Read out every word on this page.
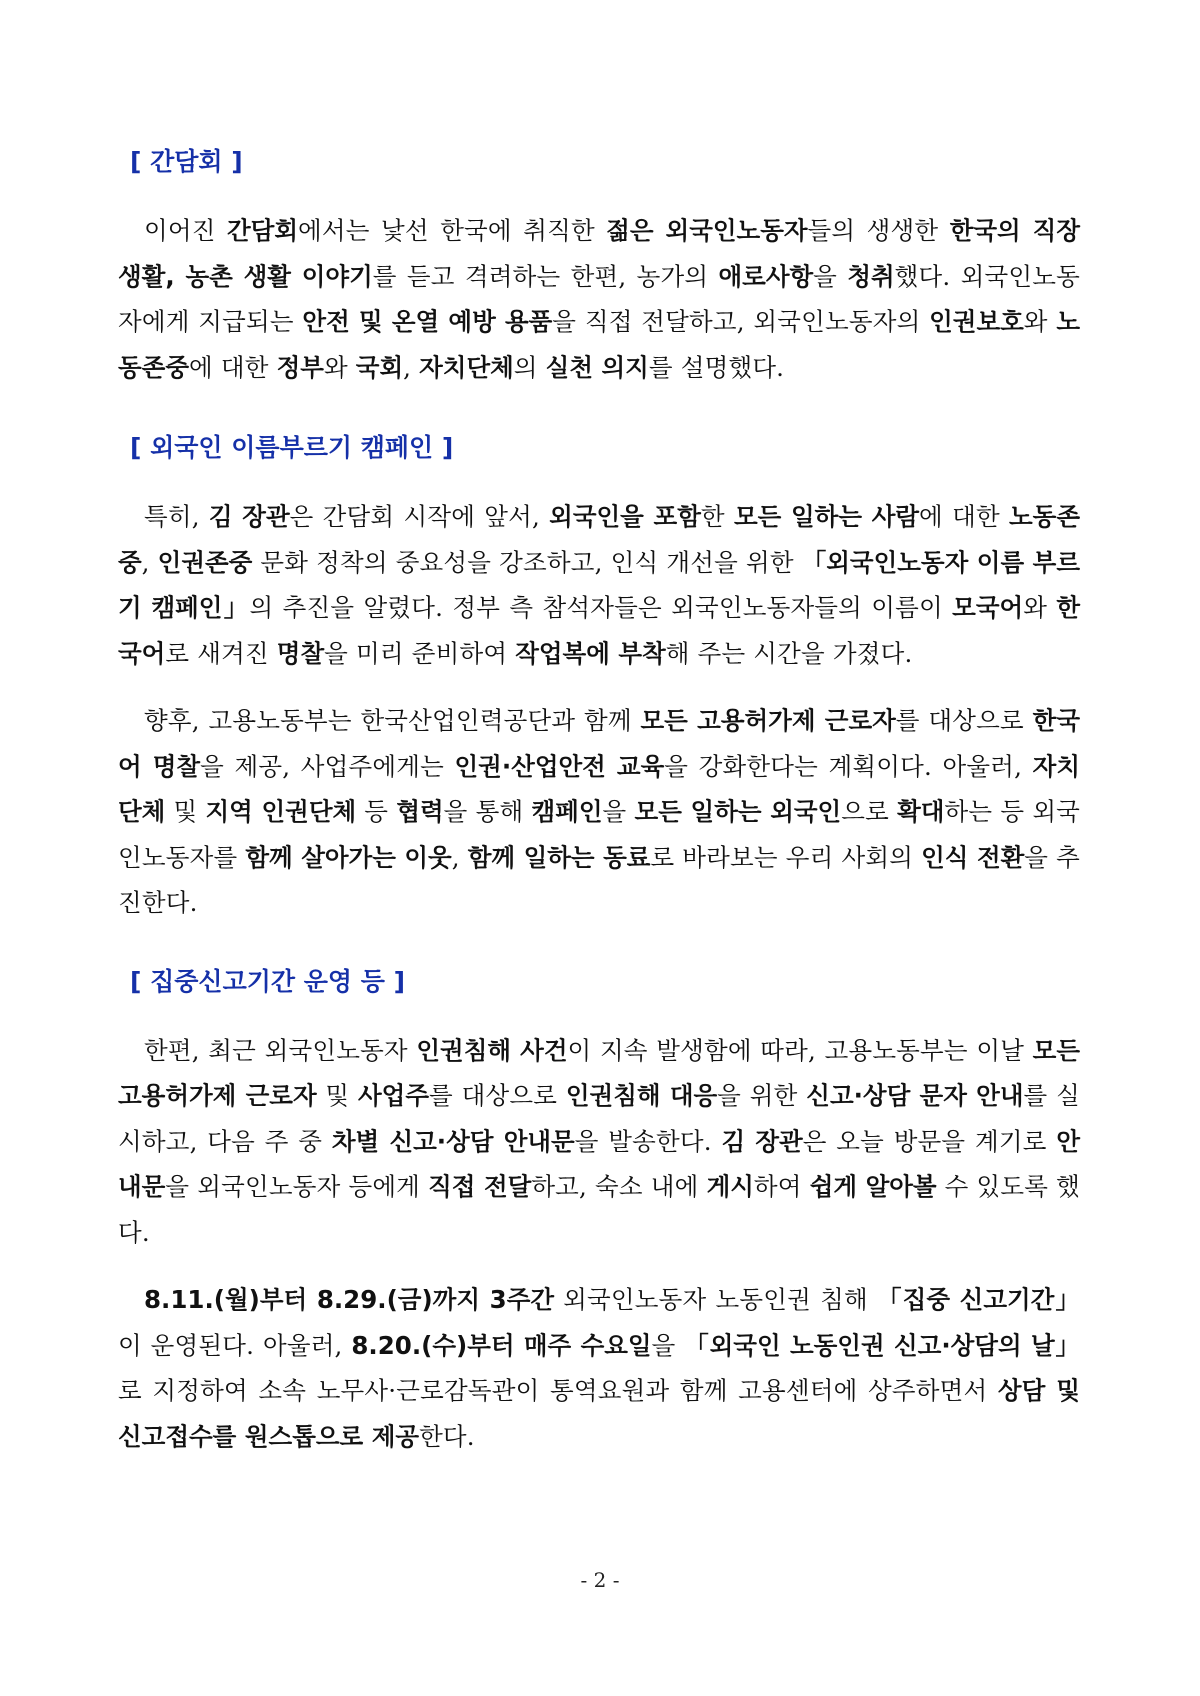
[ 간담회 ]

이어진 간담회에서는 낯선 한국에 취직한 젊은 외국인노동자들의 생생한 한국의 직장 생활, 농촌 생활 이야기를 듣고 격려하는 한편, 농가의 애로사항을 청취했다. 외국인노동자에게 지급되는 안전 및 온열 예방 용품을 직접 전달하고, 외국인노동자의 인권보호와 노동존중에 대한 정부와 국회, 자치단체의 실천 의지를 설명했다.

[ 외국인 이름부르기 캠페인 ]

특히, 김 장관은 간담회 시작에 앞서, 외국인을 포함한 모든 일하는 사람에 대한 노동존중, 인권존중 문화 정착의 중요성을 강조하고, 인식 개선을 위한 「외국인노동자 이름 부르기 캠페인」의 추진을 알렸다. 정부 측 참석자들은 외국인노동자들의 이름이 모국어와 한국어로 새겨진 명찰을 미리 준비하여 작업복에 부착해 주는 시간을 가졌다.

향후, 고용노동부는 한국산업인력공단과 함께 모든 고용허가제 근로자를 대상으로 한국어 명찰을 제공, 사업주에게는 인권·산업안전 교육을 강화한다는 계획이다. 아울러, 자치단체 및 지역 인권단체 등 협력을 통해 캠페인을 모든 일하는 외국인으로 확대하는 등 외국인노동자를 함께 살아가는 이웃, 함께 일하는 동료로 바라보는 우리 사회의 인식 전환을 추진한다.

[ 집중신고기간 운영 등 ]

한편, 최근 외국인노동자 인권침해 사건이 지속 발생함에 따라, 고용노동부는 이날 모든 고용허가제 근로자 및 사업주를 대상으로 인권침해 대응을 위한 신고·상담 문자 안내를 실시하고, 다음 주 중 차별 신고·상담 안내문을 발송한다. 김 장관은 오늘 방문을 계기로 안내문을 외국인노동자 등에게 직접 전달하고, 숙소 내에 게시하여 쉽게 알아볼 수 있도록 했다.

8.11.(월)부터 8.29.(금)까지 3주간 외국인노동자 노동인권 침해 「집중 신고기간」이 운영된다. 아울러, 8.20.(수)부터 매주 수요일을 「외국인 노동인권 신고·상담의 날」로 지정하여 소속 노무사·근로감독관이 통역요원과 함께 고용센터에 상주하면서 상담 및 신고접수를 원스톱으로 제공한다.

- 2 -
